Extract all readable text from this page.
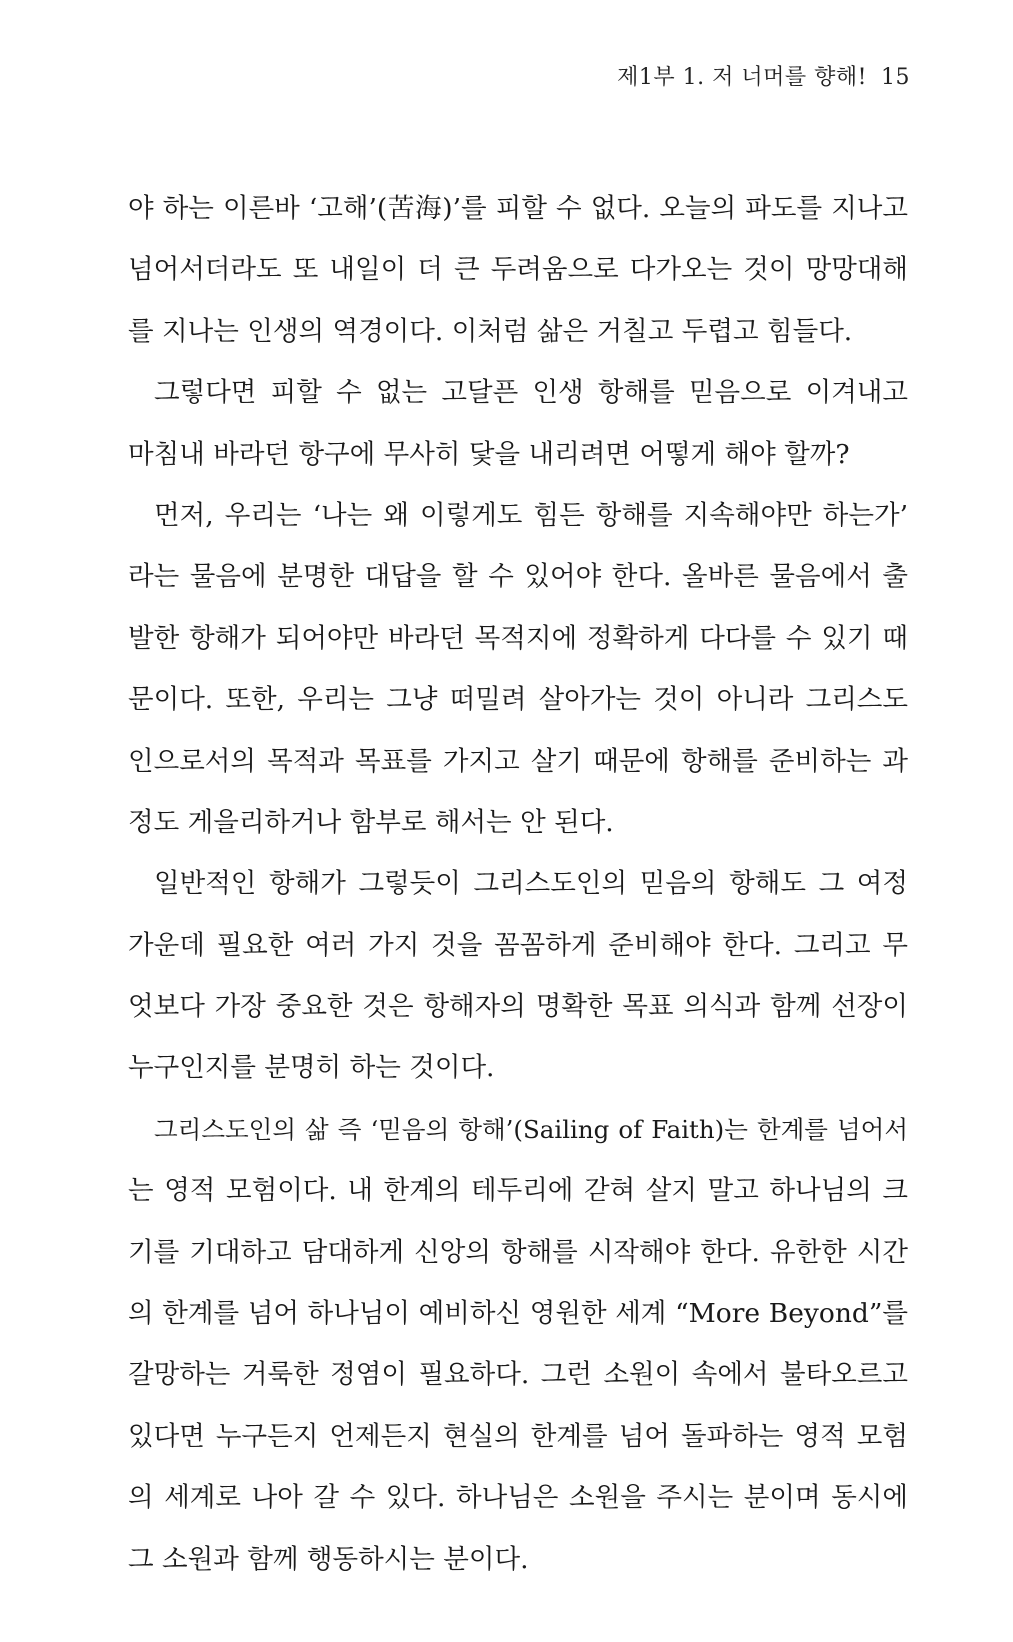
제1부 1. 저 너머를 향해! 15
야 하는 이른바 ‘고해’(苦海)’를 피할 수 없다. 오늘의 파도를 지나고
넘어서더라도 또 내일이 더 큰 두려움으로 다가오는 것이 망망대해
를 지나는 인생의 역경이다. 이처럼 삶은 거칠고 두렵고 힘들다.
그렇다면 피할 수 없는 고달픈 인생 항해를 믿음으로 이겨내고
마침내 바라던 항구에 무사히 닻을 내리려면 어떻게 해야 할까?
먼저, 우리는 ‘나는 왜 이렇게도 힘든 항해를 지속해야만 하는가’
라는 물음에 분명한 대답을 할 수 있어야 한다. 올바른 물음에서 출
발한 항해가 되어야만 바라던 목적지에 정확하게 다다를 수 있기 때
문이다. 또한, 우리는 그냥 떠밀려 살아가는 것이 아니라 그리스도
인으로서의 목적과 목표를 가지고 살기 때문에 항해를 준비하는 과
정도 게을리하거나 함부로 해서는 안 된다.
일반적인 항해가 그렇듯이 그리스도인의 믿음의 항해도 그 여정
가운데 필요한 여러 가지 것을 꼼꼼하게 준비해야 한다. 그리고 무
엇보다 가장 중요한 것은 항해자의 명확한 목표 의식과 함께 선장이
누구인지를 분명히 하는 것이다.
그리스도인의 삶 즉 ‘믿음의 항해’(Sailing of Faith)는 한계를 넘어서
는 영적 모험이다. 내 한계의 테두리에 갇혀 살지 말고 하나님의 크
기를 기대하고 담대하게 신앙의 항해를 시작해야 한다. 유한한 시간
의 한계를 넘어 하나님이 예비하신 영원한 세계 “More Beyond”를
갈망하는 거룩한 정염이 필요하다. 그런 소원이 속에서 불타오르고
있다면 누구든지 언제든지 현실의 한계를 넘어 돌파하는 영적 모험
의 세계로 나아 갈 수 있다. 하나님은 소원을 주시는 분이며 동시에
그 소원과 함께 행동하시는 분이다.
